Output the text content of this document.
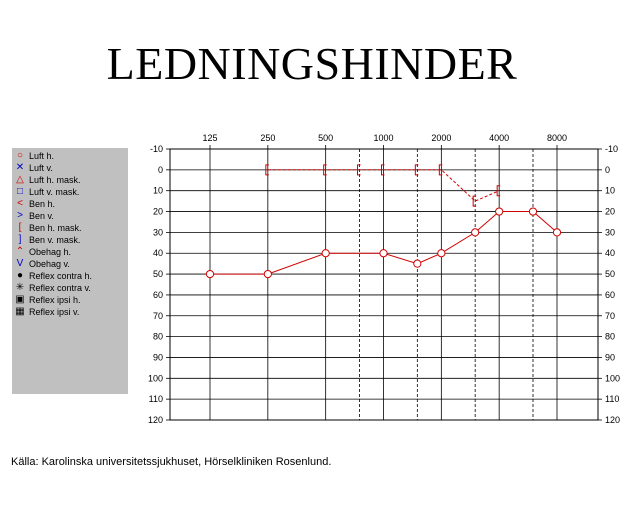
LEDNINGSHINDER
○ Luft h.
✕ Luft v.
△ Luft h. mask.
□ Luft v. mask.
< Ben h.
> Ben v.
[ Ben h. mask.
] Ben v. mask.
⌃ Obehag h.
V Obehag v.
● Reflex contra h.
✳ Reflex contra v.
▣ Reflex ipsi h.
▦ Reflex ipsi v.
-10	-10
0	0
10	10
20	20
30	30
40	40
50	50
60	60
70	70
80	80
90	90
100	100
110	110
120	120
125	250	500	1000	2000	4000	8000
Källa: Karolinska universitetssjukhuset, Hörselkliniken Rosenlund.
